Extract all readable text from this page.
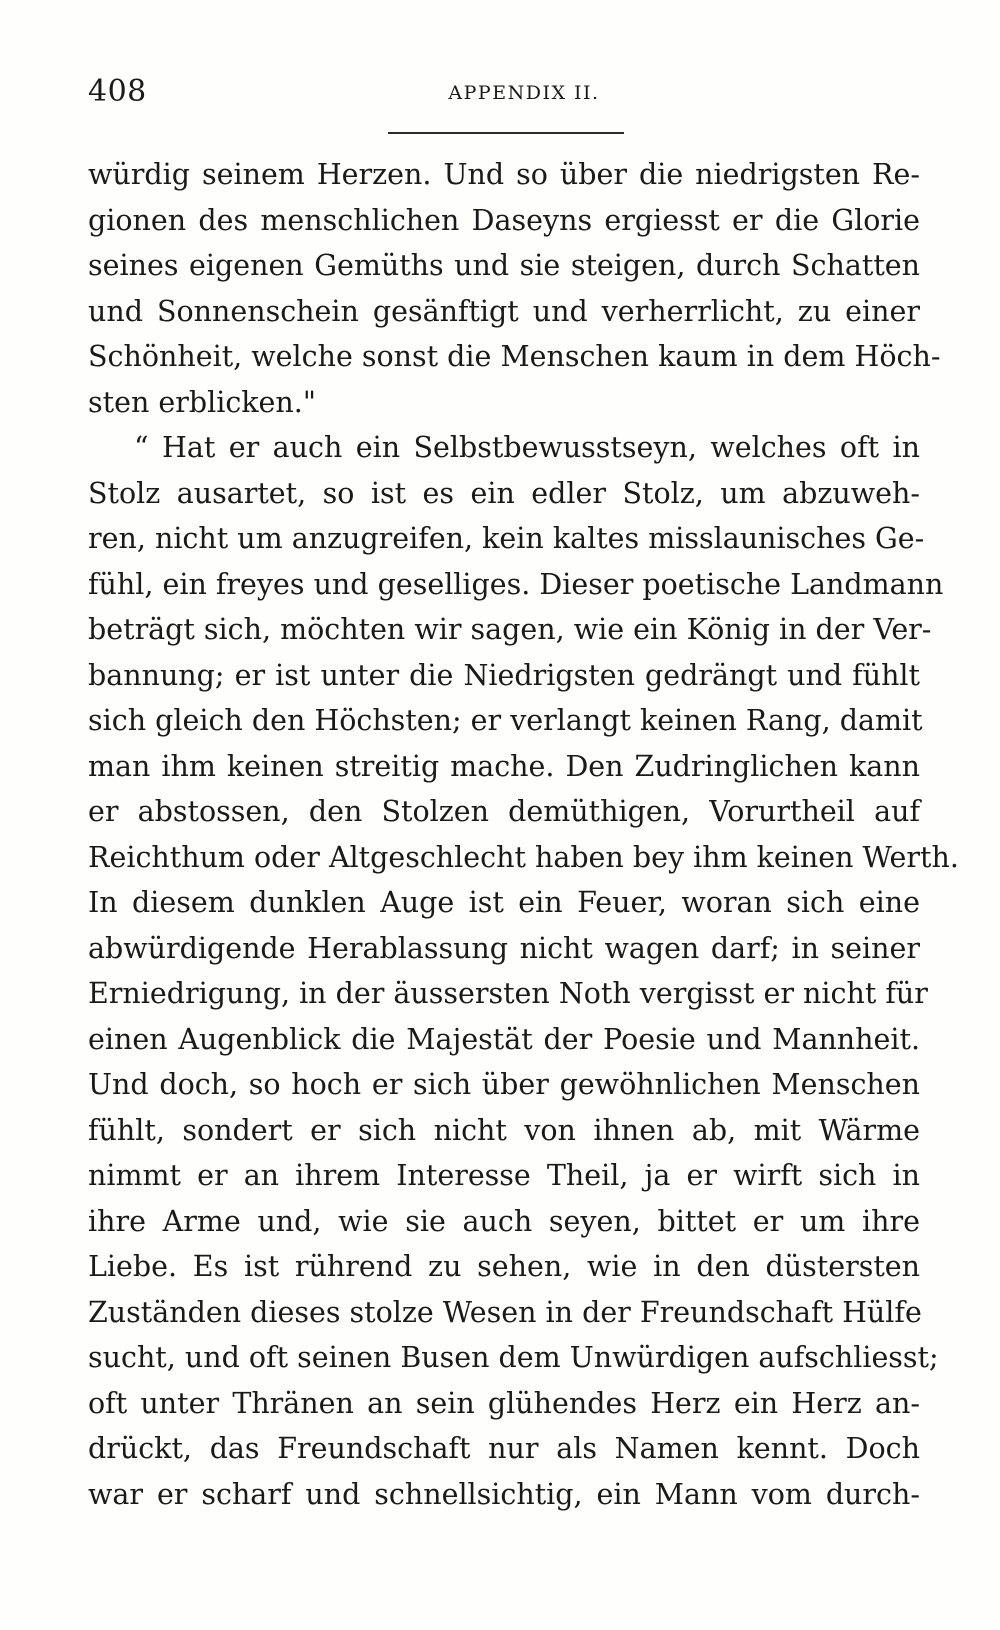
408	APPENDIX II.
würdig seinem Herzen. Und so über die niedrigsten Re-
gionen des menschlichen Daseyns ergiesst er die Glorie
seines eigenen Gemüths und sie steigen, durch Schatten
und Sonnenschein gesänftigt und verherrlicht, zu einer
Schönheit, welche sonst die Menschen kaum in dem Höch-
sten erblicken."
“ Hat er auch ein Selbstbewusstseyn, welches oft in
Stolz ausartet, so ist es ein edler Stolz, um abzuweh-
ren, nicht um anzugreifen, kein kaltes misslaunisches Ge-
fühl, ein freyes und geselliges. Dieser poetische Landmann
beträgt sich, möchten wir sagen, wie ein König in der Ver-
bannung; er ist unter die Niedrigsten gedrängt und fühlt
sich gleich den Höchsten; er verlangt keinen Rang, damit
man ihm keinen streitig mache. Den Zudringlichen kann
er abstossen, den Stolzen demüthigen, Vorurtheil auf
Reichthum oder Altgeschlecht haben bey ihm keinen Werth.
In diesem dunklen Auge ist ein Feuer, woran sich eine
abwürdigende Herablassung nicht wagen darf; in seiner
Erniedrigung, in der äussersten Noth vergisst er nicht für
einen Augenblick die Majestät der Poesie und Mannheit.
Und doch, so hoch er sich über gewöhnlichen Menschen
fühlt, sondert er sich nicht von ihnen ab, mit Wärme
nimmt er an ihrem Interesse Theil, ja er wirft sich in
ihre Arme und, wie sie auch seyen, bittet er um ihre
Liebe. Es ist rührend zu sehen, wie in den düstersten
Zuständen dieses stolze Wesen in der Freundschaft Hülfe
sucht, und oft seinen Busen dem Unwürdigen aufschliesst;
oft unter Thränen an sein glühendes Herz ein Herz an-
drückt, das Freundschaft nur als Namen kennt. Doch
war er scharf und schnellsichtig, ein Mann vom durch-
